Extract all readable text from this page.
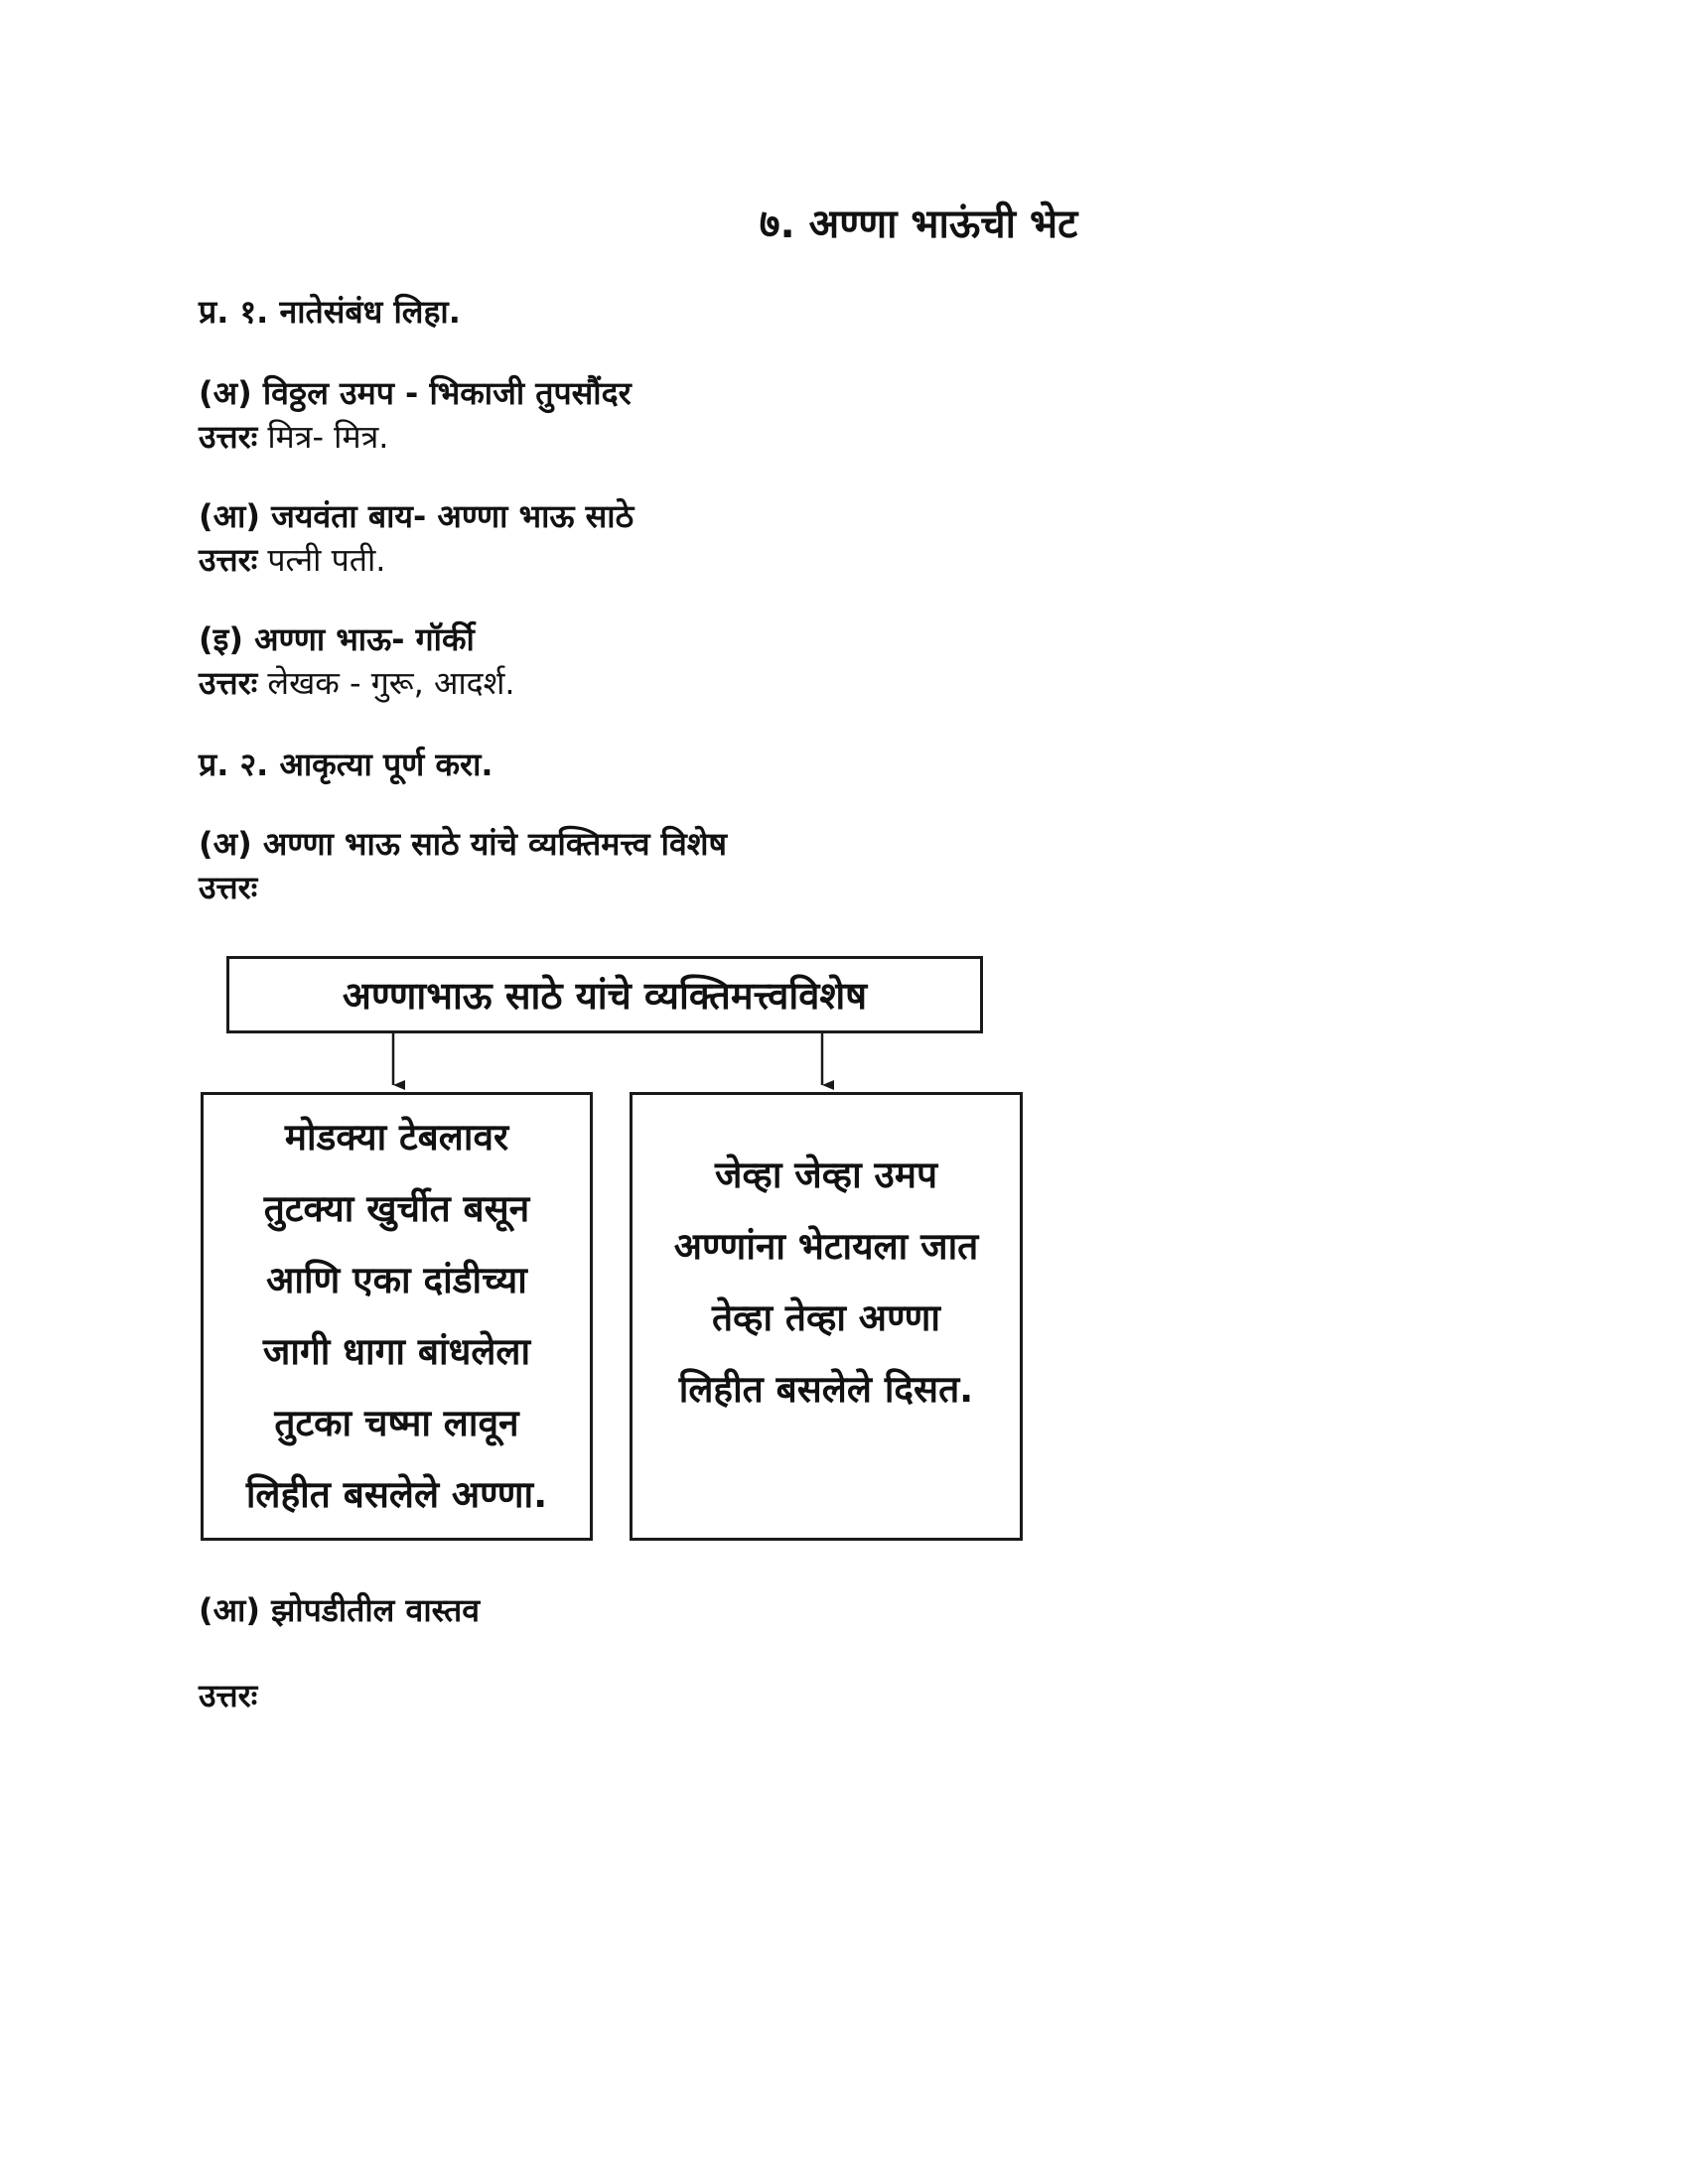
७. अण्णा भाऊंची भेट
प्र. १. नातेसंबंध लिहा.
(अ) विठ्ठल उमप - भिकाजी तुपसौंदर
उत्तरः मित्र- मित्र.
(आ) जयवंता बाय- अण्णा भाऊ साठे
उत्तरः पत्नी पती.
(इ) अण्णा भाऊ- गॉर्की
उत्तरः लेखक - गुरू, आदर्श.
प्र. २. आकृत्या पूर्ण करा.
(अ) अण्णा भाऊ साठे यांचे व्यक्तिमत्त्व विशेष
उत्तरः
अण्णाभाऊ साठे यांचे व्यक्तिमत्त्वविशेष
मोडक्या टेबलावर
तुटक्या खुर्चीत बसून
आणि एका दांडीच्या
जागी धागा बांधलेला
तुटका चष्मा लावून
लिहीत बसलेले अण्णा.
जेव्हा जेव्हा उमप
अण्णांना भेटायला जात
तेव्हा तेव्हा अण्णा
लिहीत बसलेले दिसत.
(आ) झोपडीतील वास्तव
उत्तरः
